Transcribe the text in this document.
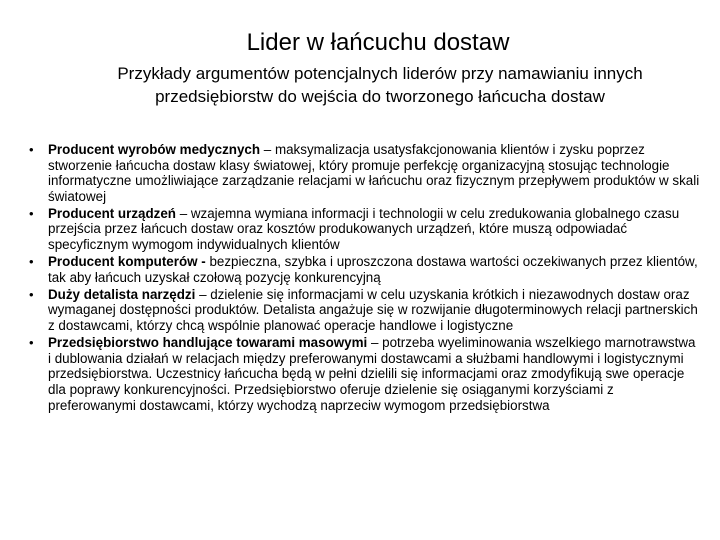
Lider w łańcuchu dostaw
Przykłady argumentów potencjalnych liderów przy namawianiu innych przedsiębiorstw do wejścia do tworzonego łańcucha dostaw
• Producent wyrobów medycznych – maksymalizacja usatysfakcjonowania klientów i zysku poprzez stworzenie łańcucha dostaw klasy światowej, który promuje perfekcję organizacyjną stosując technologie informatyczne umożliwiające zarządzanie relacjami w łańcuchu oraz fizycznym przepływem produktów w skali światowej
• Producent urządzeń – wzajemna wymiana informacji i technologii w celu zredukowania globalnego czasu przejścia przez łańcuch dostaw oraz kosztów produkowanych urządzeń, które muszą odpowiadać specyficznym wymogom indywidualnych klientów
• Producent komputerów - bezpieczna, szybka i uproszczona dostawa wartości oczekiwanych przez klientów, tak aby łańcuch uzyskał czołową pozycję konkurencyjną
• Duży detalista narzędzi – dzielenie się informacjami w celu uzyskania krótkich i niezawodnych dostaw oraz wymaganej dostępności produktów. Detalista angażuje się w rozwijanie długoterminowych relacji partnerskich z dostawcami, którzy chcą wspólnie planować operacje handlowe i logistyczne
• Przedsiębiorstwo handlujące towarami masowymi – potrzeba wyeliminowania wszelkiego marnotrawstwa i dublowania działań w relacjach między preferowanymi dostawcami a służbami handlowymi i logistycznymi przedsiębiorstwa. Uczestnicy łańcucha będą w pełni dzielili się informacjami oraz zmodyfikują swe operacje dla poprawy konkurencyjności. Przedsiębiorstwo oferuje dzielenie się osiąganymi korzyściami z preferowanymi dostawcami, którzy wychodzą naprzeciw wymogom przedsiębiorstwa
